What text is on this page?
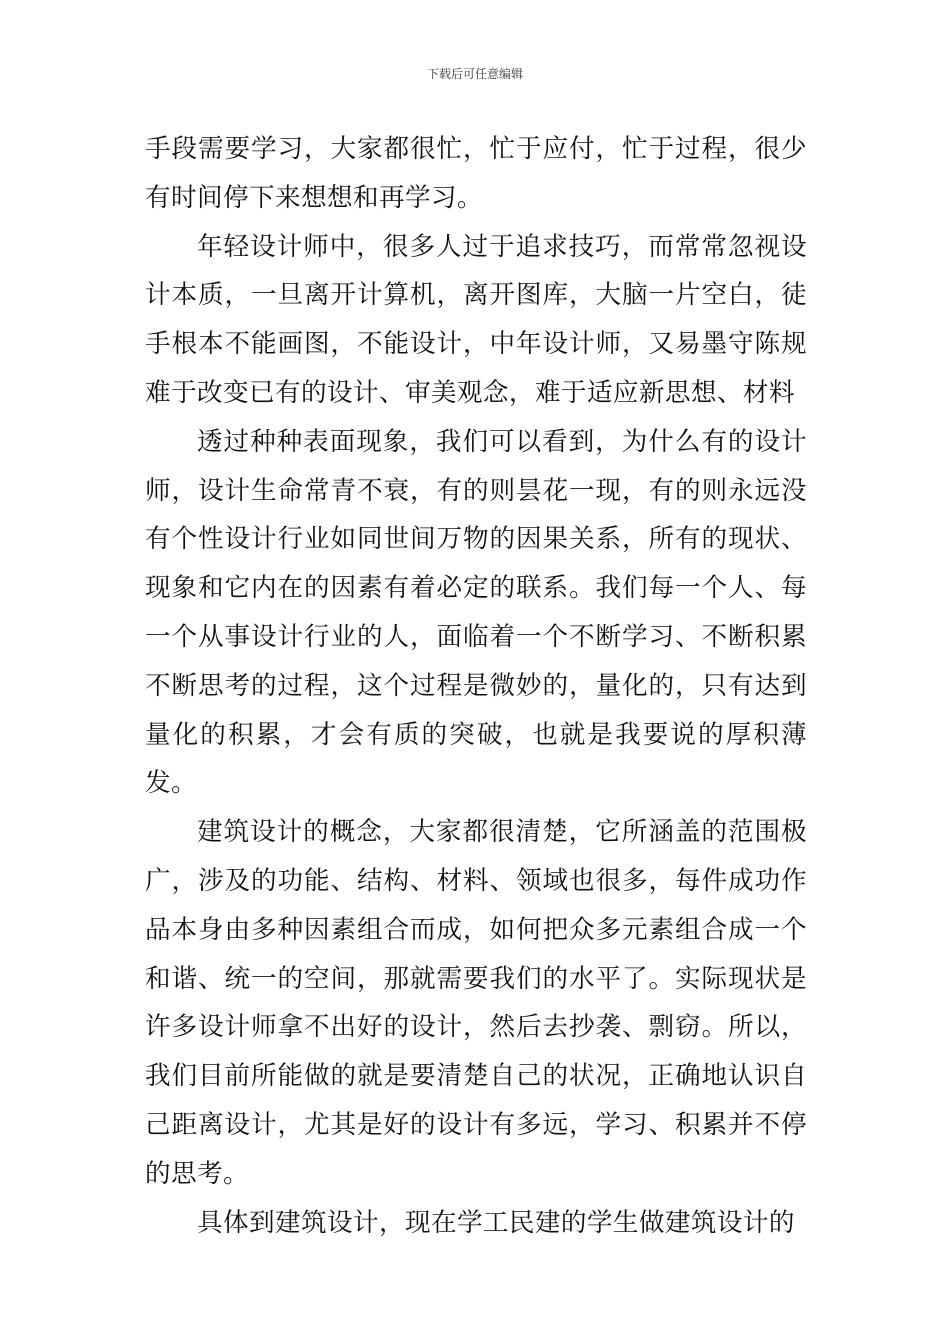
下载后可任意编辑

手段需要学习，大家都很忙，忙于应付，忙于过程，很少有时间停下来想想和再学习。

年轻设计师中，很多人过于追求技巧，而常常忽视设计本质，一旦离开计算机，离开图库，大脑一片空白，徒手根本不能画图，不能设计，中年设计师，又易墨守陈规难于改变已有的设计、审美观念，难于适应新思想、材料

透过种种表面现象，我们可以看到，为什么有的设计师，设计生命常青不衰，有的则昙花一现，有的则永远没有个性设计行业如同世间万物的因果关系，所有的现状、现象和它内在的因素有着必定的联系。我们每一个人、每一个从事设计行业的人，面临着一个不断学习、不断积累不断思考的过程，这个过程是微妙的，量化的，只有达到量化的积累，才会有质的突破，也就是我要说的厚积薄发。

建筑设计的概念，大家都很清楚，它所涵盖的范围极广，涉及的功能、结构、材料、领域也很多，每件成功作品本身由多种因素组合而成，如何把众多元素组合成一个和谐、统一的空间，那就需要我们的水平了。实际现状是许多设计师拿不出好的设计，然后去抄袭、剽窃。所以，我们目前所能做的就是要清楚自己的状况，正确地认识自己距离设计，尤其是好的设计有多远，学习、积累并不停的思考。

具体到建筑设计，现在学工民建的学生做建筑设计的
